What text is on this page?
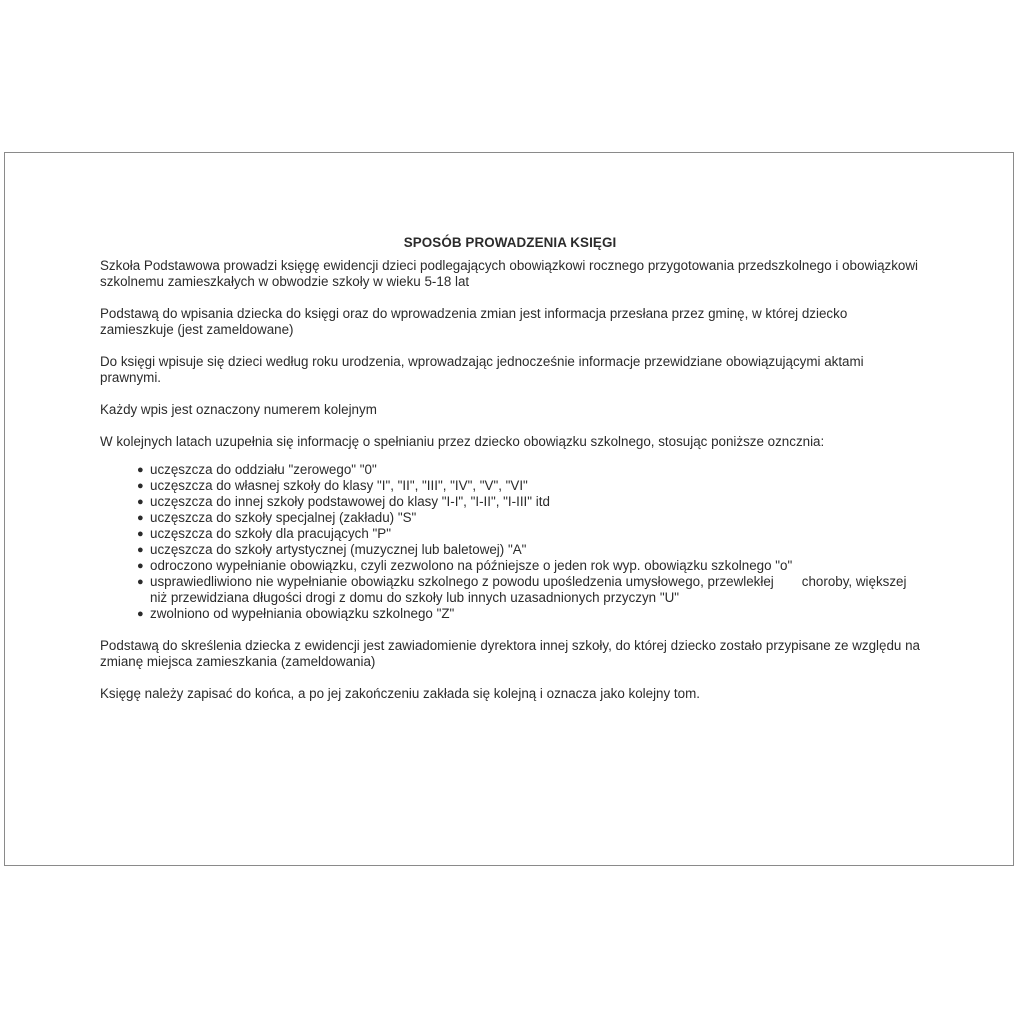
SPOSÓB PROWADZENIA KSIĘGI

Szkoła Podstawowa prowadzi księgę ewidencji dzieci podlegających obowiązkowi rocznego przygotowania przedszkolnego i obowiązkowi szkolnemu zamieszkałych w obwodzie szkoły w wieku 5-18 lat

Podstawą do wpisania dziecka do księgi oraz do wprowadzenia zmian jest informacja przesłana przez gminę, w której dziecko zamieszkuje (jest zameldowane)

Do księgi wpisuje się dzieci według roku urodzenia, wprowadzając jednocześnie informacje przewidziane obowiązującymi aktami prawnymi.

Każdy wpis jest oznaczony numerem kolejnym

W kolejnych latach uzupełnia się informację o spełnianiu przez dziecko obowiązku szkolnego, stosując poniższe ozncznia:

● uczęszcza do oddziału "zerowego" "0"
● uczęszcza do własnej szkoły do klasy "I", "II", "III", "IV", "V", "VI"
● uczęszcza do innej szkoły podstawowej do klasy "I-I", "I-II", "I-III" itd
● uczęszcza do szkoły specjalnej (zakładu) "S"
● uczęszcza do szkoły dla pracujących "P"
● uczęszcza do szkoły artystycznej (muzycznej lub baletowej) "A"
● odroczono wypełnianie obowiązku, czyli zezwolono na późniejsze o jeden rok wyp. obowiązku szkolnego "o"
● usprawiedliwiono nie wypełnianie obowiązku szkolnego z powodu upośledzenia umysłowego, przewlekłej choroby, większej niż przewidziana długości drogi z domu do szkoły lub innych uzasadnionych przyczyn "U"
● zwolniono od wypełniania obowiązku szkolnego "Z"

Podstawą do skreślenia dziecka z ewidencji jest zawiadomienie dyrektora innej szkoły, do której dziecko zostało przypisane ze względu na zmianę miejsca zamieszkania (zameldowania)

Księgę należy zapisać do końca, a po jej zakończeniu zakłada się kolejną i oznacza jako kolejny tom.
